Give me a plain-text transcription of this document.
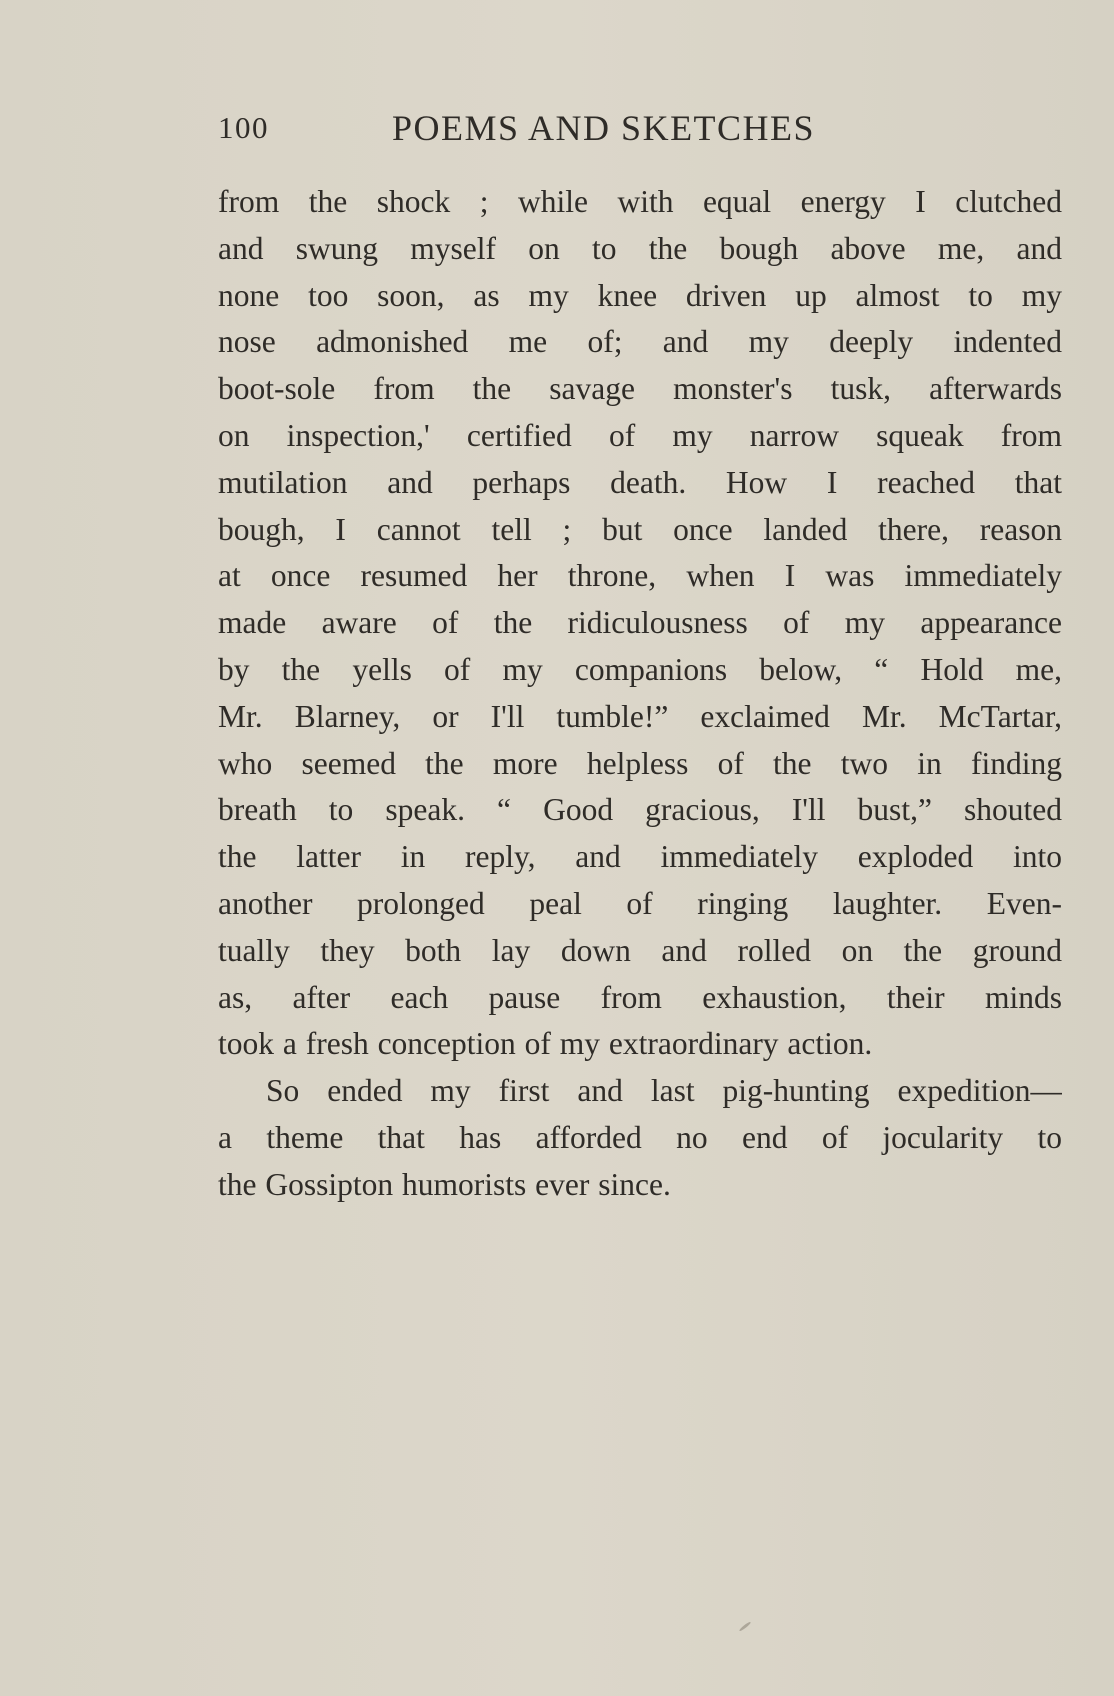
100	POEMS AND SKETCHES
from the shock ; while with equal energy I clutched
and swung myself on to the bough above me, and
none too soon, as my knee driven up almost to my
nose admonished me of; and my deeply indented
boot-sole from the savage monster's tusk, afterwards
on inspection,' certified of my narrow squeak from
mutilation and perhaps death. How I reached that
bough, I cannot tell ; but once landed there, reason
at once resumed her throne, when I was immediately
made aware of the ridiculousness of my appearance
by the yells of my companions below, “ Hold me,
Mr. Blarney, or I'll tumble!” exclaimed Mr. McTartar,
who seemed the more helpless of the two in finding
breath to speak. “ Good gracious, I'll bust,” shouted
the latter in reply, and immediately exploded into
another prolonged peal of ringing laughter. Even-
tually they both lay down and rolled on the ground
as, after each pause from exhaustion, their minds
took a fresh conception of my extraordinary action.
So ended my first and last pig-hunting expedition—
a theme that has afforded no end of jocularity to
the Gossipton humorists ever since.
